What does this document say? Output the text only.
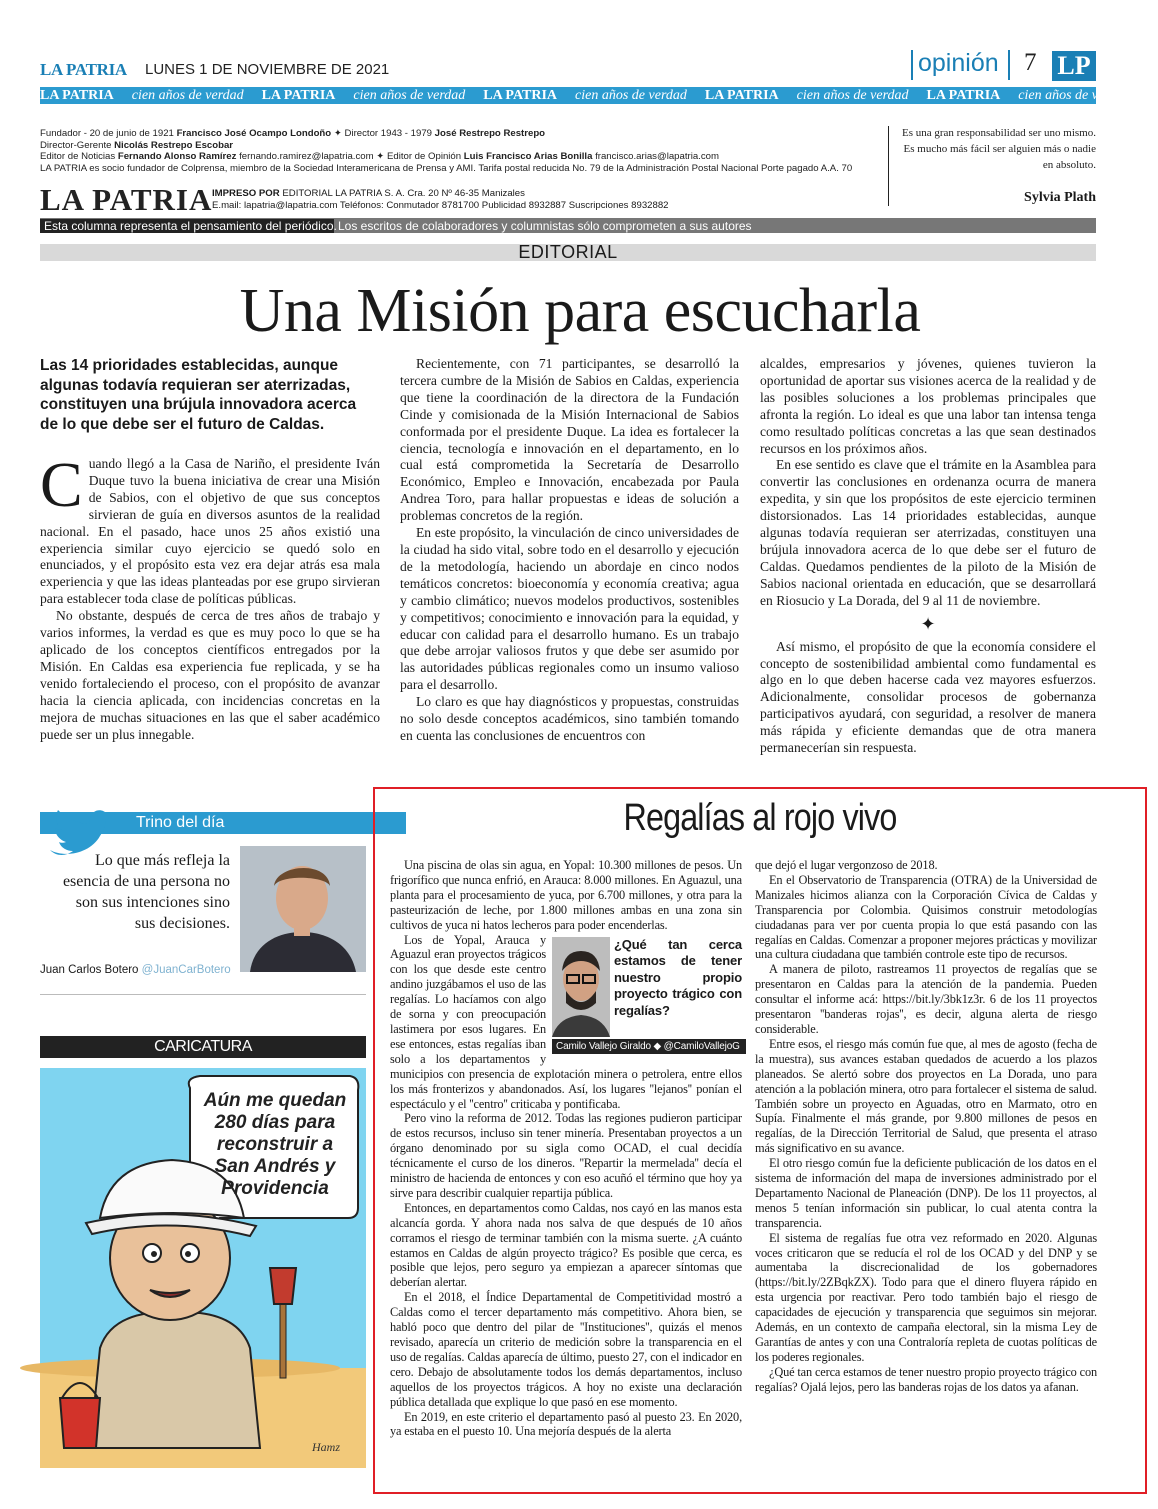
LA PATRIA LUNES 1 DE NOVIEMBRE DE 2021	opinión 7 LP
LA PATRIA cien años de verdad LA PATRIA cien años de verdad LA PATRIA cien años de verdad LA PATRIA cien años de verdad LA PATRIA cien años de verdad
Fundador - 20 de junio de 1921 Francisco José Ocampo Londoño ✦ Director 1943 - 1979 José Restrepo Restrepo
Director-Gerente Nicolás Restrepo Escobar
Editor de Noticias Fernando Alonso Ramírez fernando.ramirez@lapatria.com ✦ Editor de Opinión Luis Francisco Arias Bonilla francisco.arias@lapatria.com
LA PATRIA es socio fundador de Colprensa, miembro de la Sociedad Interamericana de Prensa y AMI. Tarifa postal reducida No. 79 de la Administración Postal Nacional Porte pagado A.A. 70
LA PATRIA IMPRESO POR EDITORIAL LA PATRIA S. A. Cra. 20 Nº 46-35 Manizales
E.mail: lapatria@lapatria.com Teléfonos: Conmutador 8781700 Publicidad 8932887 Suscripciones 8932882
Es una gran responsabilidad ser uno mismo. Es mucho más fácil ser alguien más o nadie en absoluto.
Sylvia Plath
Esta columna representa el pensamiento del periódico. Los escritos de colaboradores y columnistas sólo comprometen a sus autores
EDITORIAL
Una Misión para escucharla
Las 14 prioridades establecidas, aunque algunas todavía requieran ser aterrizadas, constituyen una brújula innovadora acerca de lo que debe ser el futuro de Caldas.
C uando llegó a la Casa de Nariño, el presidente Iván Duque tuvo la buena iniciativa de crear una Misión de Sabios, con el objetivo de que sus conceptos sirvieran de guía en diversos asuntos de la realidad nacional. En el pasado, hace unos 25 años existió una experiencia similar cuyo ejercicio se quedó solo en enunciados, y el propósito esta vez era dejar atrás esa mala experiencia y que las ideas planteadas por ese grupo sirvieran para establecer toda clase de políticas públicas.

No obstante, después de cerca de tres años de trabajo y varios informes, la verdad es que es muy poco lo que se ha aplicado de los conceptos científicos entregados por la Misión. En Caldas esa experiencia fue replicada, y se ha venido fortaleciendo el proceso, con el propósito de avanzar hacia la ciencia aplicada, con incidencias concretas en la mejora de muchas situaciones en las que el saber académico puede ser un plus innegable.

Recientemente, con 71 participantes, se desarrolló la tercera cumbre de la Misión de Sabios en Caldas, experiencia que tiene la coordinación de la directora de la Fundación Cinde y comisionada de la Misión Internacional de Sabios conformada por el presidente Duque. La idea es fortalecer la ciencia, tecnología e innovación en el departamento, en lo cual está comprometida la Secretaría de Desarrollo Económico, Empleo e Innovación, encabezada por Paula Andrea Toro, para hallar propuestas e ideas de solución a problemas concretos de la región.

En este propósito, la vinculación de cinco universidades de la ciudad ha sido vital, sobre todo en el desarrollo y ejecución de la metodología, haciendo un abordaje en cinco nodos temáticos concretos: bioeconomía y economía creativa; agua y cambio climático; nuevos modelos productivos, sostenibles y competitivos; conocimiento e innovación para la equidad, y educar con calidad para el desarrollo humano. Es un trabajo que debe arrojar valiosos frutos y que debe ser asumido por las autoridades públicas regionales como un insumo valioso para el desarrollo.

Lo claro es que hay diagnósticos y propuestas, construidas no solo desde conceptos académicos, sino también tomando en cuenta las conclusiones de encuentros con

alcaldes, empresarios y jóvenes, quienes tuvieron la oportunidad de aportar sus visiones acerca de la realidad y de las posibles soluciones a los problemas principales que afronta la región. Lo ideal es que una labor tan intensa tenga como resultado políticas concretas a las que sean destinados recursos en los próximos años.

En ese sentido es clave que el trámite en la Asamblea para convertir las conclusiones en ordenanza ocurra de manera expedita, y sin que los propósitos de este ejercicio terminen distorsionados. Las 14 prioridades establecidas, aunque algunas todavía requieran ser aterrizadas, constituyen una brújula innovadora acerca de lo que debe ser el futuro de Caldas. Quedamos pendientes de la piloto de la Misión de Sabios nacional orientada en educación, que se desarrollará en Riosucio y La Dorada, del 9 al 11 de noviembre.

✦

Así mismo, el propósito de que la economía considere el concepto de sostenibilidad ambiental como fundamental es algo en lo que deben hacerse cada vez mayores esfuerzos. Adicionalmente, consolidar procesos de gobernanza participativos ayudará, con seguridad, a resolver de manera más rápida y eficiente demandas que de otra manera permanecerían sin respuesta.

Trino del día
Lo que más refleja la esencia de una persona no son sus intenciones sino sus decisiones.
Juan Carlos Botero @JuanCarBotero
CARICATURA
Aún me quedan 280 días para reconstruir a San Andrés y Providencia
Hamz
Regalías al rojo vivo

Una piscina de olas sin agua, en Yopal: 10.300 millones de pesos. Un frigorífico que nunca enfrió, en Arauca: 8.000 millones. En Aguazul, una planta para el procesamiento de yuca, por 6.700 millones, y otra para la pasteurización de leche, por 1.800 millones ambas en una zona sin cultivos de yuca ni hatos lecheros para poder encenderlas.

¿Qué tan cerca estamos de tener nuestro propio proyecto trágico con regalías?
Camilo Vallejo Giraldo ◆ @CamiloVallejoG

Los de Yopal, Arauca y Aguazul eran proyectos trágicos con los que desde este centro andino juzgábamos el uso de las regalías. Lo hacíamos con algo de sorna y con preocupación lastimera por esos lugares. En ese entonces, estas regalías iban solo a los departamentos y municipios con presencia de explotación minera o petrolera, entre ellos los más fronterizos y abandonados. Así, los lugares ''lejanos'' ponían el espectáculo y el ''centro'' criticaba y pontificaba.

Pero vino la reforma de 2012. Todas las regiones pudieron participar de estos recursos, incluso sin tener minería. Presentaban proyectos a un órgano denominado por su sigla como OCAD, el cual decidía técnicamente el curso de los dineros. ''Repartir la mermelada'' decía el ministro de hacienda de entonces y con eso acuñó el término que hoy ya sirve para describir cualquier repartija pública.

Entonces, en departamentos como Caldas, nos cayó en las manos esta alcancía gorda. Y ahora nada nos salva de que después de 10 años corramos el riesgo de terminar también con la misma suerte. ¿A cuánto estamos en Caldas de algún proyecto trágico? Es posible que cerca, es posible que lejos, pero seguro ya empiezan a aparecer síntomas que deberían alertar.

En el 2018, el Índice Departamental de Competitividad mostró a Caldas como el tercer departamento más competitivo. Ahora bien, se habló poco que dentro del pilar de ''Instituciones'', quizás el menos revisado, aparecía un criterio de medición sobre la transparencia en el uso de regalías. Caldas aparecía de último, puesto 27, con el indicador en cero. Debajo de absolutamente todos los demás departamentos, incluso aquellos de los proyectos trágicos. A hoy no existe una declaración pública detallada que explique lo que pasó en ese momento.

En 2019, en este criterio el departamento pasó al puesto 23. En 2020, ya estaba en el puesto 10. Una mejoría después de la alerta

que dejó el lugar vergonzoso de 2018.

En el Observatorio de Transparencia (OTRA) de la Universidad de Manizales hicimos alianza con la Corporación Cívica de Caldas y Transparencia por Colombia. Quisimos construir metodologías ciudadanas para ver por cuenta propia lo que está pasando con las regalías en Caldas. Comenzar a proponer mejores prácticas y movilizar una cultura ciudadana que también controle este tipo de recursos.

A manera de piloto, rastreamos 11 proyectos de regalías que se presentaron en Caldas para la atención de la pandemia. Pueden consultar el informe acá: https://bit.ly/3bk1z3r. 6 de los 11 proyectos presentaron ''banderas rojas'', es decir, alguna alerta de riesgo considerable.

Entre esos, el riesgo más común fue que, al mes de agosto (fecha de la muestra), sus avances estaban quedados de acuerdo a los plazos planeados. Se alertó sobre dos proyectos en La Dorada, uno para atención a la población minera, otro para fortalecer el sistema de salud. También sobre un proyecto en Aguadas, otro en Marmato, otro en Supía. Finalmente el más grande, por 9.800 millones de pesos en regalías, de la Dirección Territorial de Salud, que presenta el atraso más significativo en su avance.

El otro riesgo común fue la deficiente publicación de los datos en el sistema de información del mapa de inversiones administrado por el Departamento Nacional de Planeación (DNP). De los 11 proyectos, al menos 5 tenían información sin publicar, lo cual atenta contra la transparencia.

El sistema de regalías fue otra vez reformado en 2020. Algunas voces criticaron que se reducía el rol de los OCAD y del DNP y se aumentaba la discrecionalidad de los gobernadores (https://bit.ly/2ZBqkZX). Todo para que el dinero fluyera rápido en esta urgencia por reactivar. Pero todo también bajo el riesgo de capacidades de ejecución y transparencia que seguimos sin mejorar. Además, en un contexto de campaña electoral, sin la misma Ley de Garantías de antes y con una Contraloría repleta de cuotas políticas de los poderes regionales.

¿Qué tan cerca estamos de tener nuestro propio proyecto trágico con regalías? Ojalá lejos, pero las banderas rojas de los datos ya afanan.
